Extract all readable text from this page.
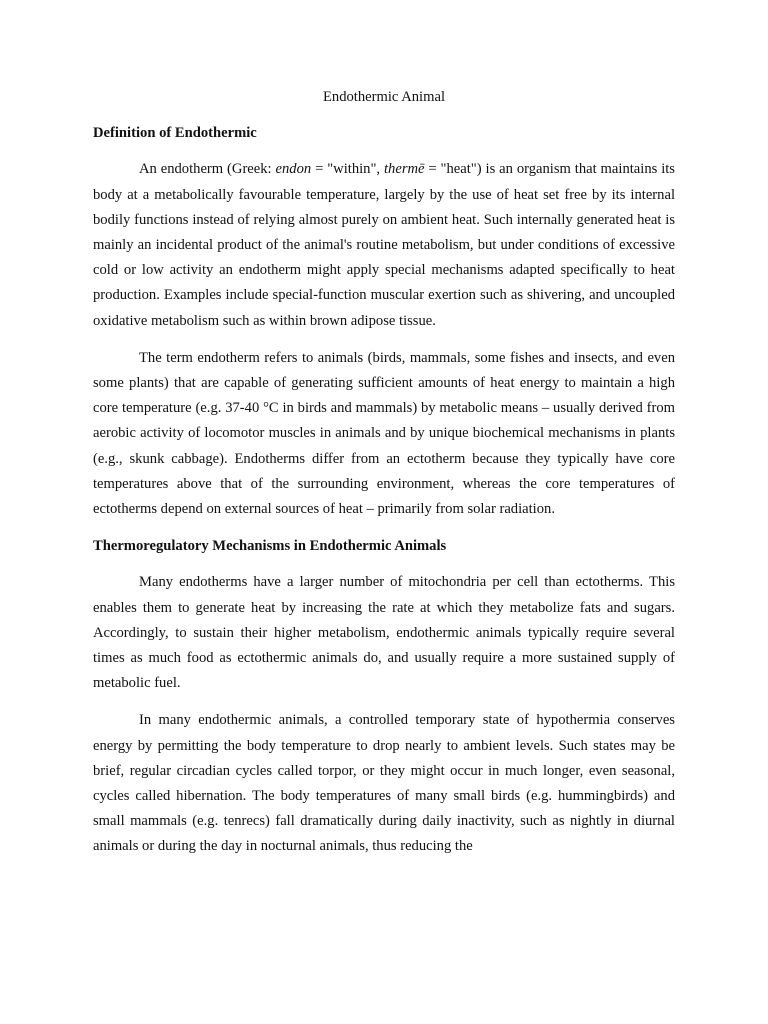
Endothermic Animal
Definition of Endothermic

An endotherm (Greek: endon = "within", thermē = "heat") is an organism that maintains its body at a metabolically favourable temperature, largely by the use of heat set free by its internal bodily functions instead of relying almost purely on ambient heat. Such internally generated heat is mainly an incidental product of the animal's routine metabolism, but under conditions of excessive cold or low activity an endotherm might apply special mechanisms adapted specifically to heat production. Examples include special-function muscular exertion such as shivering, and uncoupled oxidative metabolism such as within brown adipose tissue.

The term endotherm refers to animals (birds, mammals, some fishes and insects, and even some plants) that are capable of generating sufficient amounts of heat energy to maintain a high core temperature (e.g. 37-40 °C in birds and mammals) by metabolic means – usually derived from aerobic activity of locomotor muscles in animals and by unique biochemical mechanisms in plants (e.g., skunk cabbage). Endotherms differ from an ectotherm because they typically have core temperatures above that of the surrounding environment, whereas the core temperatures of ectotherms depend on external sources of heat – primarily from solar radiation.

Thermoregulatory Mechanisms in Endothermic Animals

Many endotherms have a larger number of mitochondria per cell than ectotherms. This enables them to generate heat by increasing the rate at which they metabolize fats and sugars. Accordingly, to sustain their higher metabolism, endothermic animals typically require several times as much food as ectothermic animals do, and usually require a more sustained supply of metabolic fuel.

In many endothermic animals, a controlled temporary state of hypothermia conserves energy by permitting the body temperature to drop nearly to ambient levels. Such states may be brief, regular circadian cycles called torpor, or they might occur in much longer, even seasonal, cycles called hibernation. The body temperatures of many small birds (e.g. hummingbirds) and small mammals (e.g. tenrecs) fall dramatically during daily inactivity, such as nightly in diurnal animals or during the day in nocturnal animals, thus reducing the
